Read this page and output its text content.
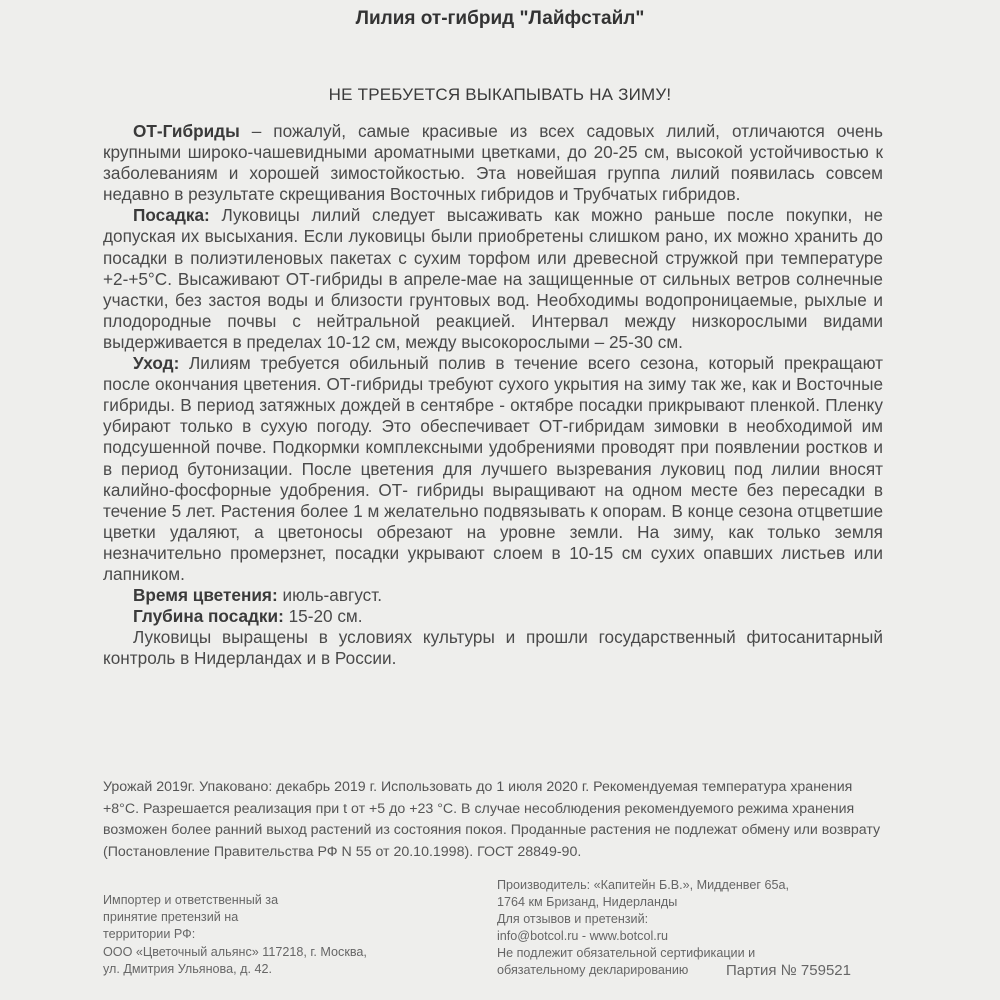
Лилия от-гибрид "Лайфстайл"
НЕ ТРЕБУЕТСЯ ВЫКАПЫВАТЬ НА ЗИМУ!

ОТ-Гибриды – пожалуй, самые красивые из всех садовых лилий, отличаются очень крупными широко-чашевидными ароматными цветками, до 20-25 см, высокой устойчивостью к заболеваниям и хорошей зимостойкостью. Эта новейшая группа лилий появилась совсем недавно в результате скрещивания Восточных гибридов и Трубчатых гибридов.

Посадка: Луковицы лилий следует высаживать как можно раньше после покупки, не допуская их высыхания. Если луковицы были приобретены слишком рано, их можно хранить до посадки в полиэтиленовых пакетах с сухим торфом или древесной стружкой при температуре +2-+5°С. Высаживают ОТ-гибриды в апреле-мае на защищенные от сильных ветров солнечные участки, без застоя воды и близости грунтовых вод. Необходимы водопроницаемые, рыхлые и плодородные почвы с нейтральной реакцией. Интервал между низкорослыми видами выдерживается в пределах 10-12 см, между высокорослыми – 25-30 см.

Уход: Лилиям требуется обильный полив в течение всего сезона, который прекращают после окончания цветения. ОТ-гибриды требуют сухого укрытия на зиму так же, как и Восточные гибриды. В период затяжных дождей в сентябре - октябре посадки прикрывают пленкой. Пленку убирают только в сухую погоду. Это обеспечивает ОТ-гибридам зимовки в необходимой им подсушенной почве. Подкормки комплексными удобрениями проводят при появлении ростков и в период бутонизации. После цветения для лучшего вызревания луковиц под лилии вносят калийно-фосфорные удобрения. ОТ- гибриды выращивают на одном месте без пересадки в течение 5 лет. Растения более 1 м желательно подвязывать к опорам. В конце сезона отцветшие цветки удаляют, а цветоносы обрезают на уровне земли. На зиму, как только земля незначительно промерзнет, посадки укрывают слоем в 10-15 см сухих опавших листьев или лапником.

Время цветения: июль-август.

Глубина посадки: 15-20 см.

Луковицы выращены в условиях культуры и прошли государственный фитосанитарный контроль в Нидерландах и в России.

Урожай 2019г. Упаковано: декабрь 2019 г. Использовать до 1 июля 2020 г. Рекомендуемая температура хранения +8°С. Разрешается реализация при t от +5 до +23 °С. В случае несоблюдения рекомендуемого режима хранения возможен более ранний выход растений из состояния покоя. Проданные растения не подлежат обмену или возврату (Постановление Правительства РФ N 55 от 20.10.1998). ГОСТ 28849-90.
Импортер и ответственный за
принятие претензий на
территории РФ:
ООО «Цветочный альянс» 117218, г. Москва,
ул. Дмитрия Ульянова, д. 42.
Производитель: «Капитейн Б.В.», Мидденвег 65а,
1764 км Бризанд, Нидерланды
Для отзывов и претензий:
info@botcol.ru - www.botcol.ru
Не подлежит обязательной сертификации и
обязательному декларированию	Партия № 759521
